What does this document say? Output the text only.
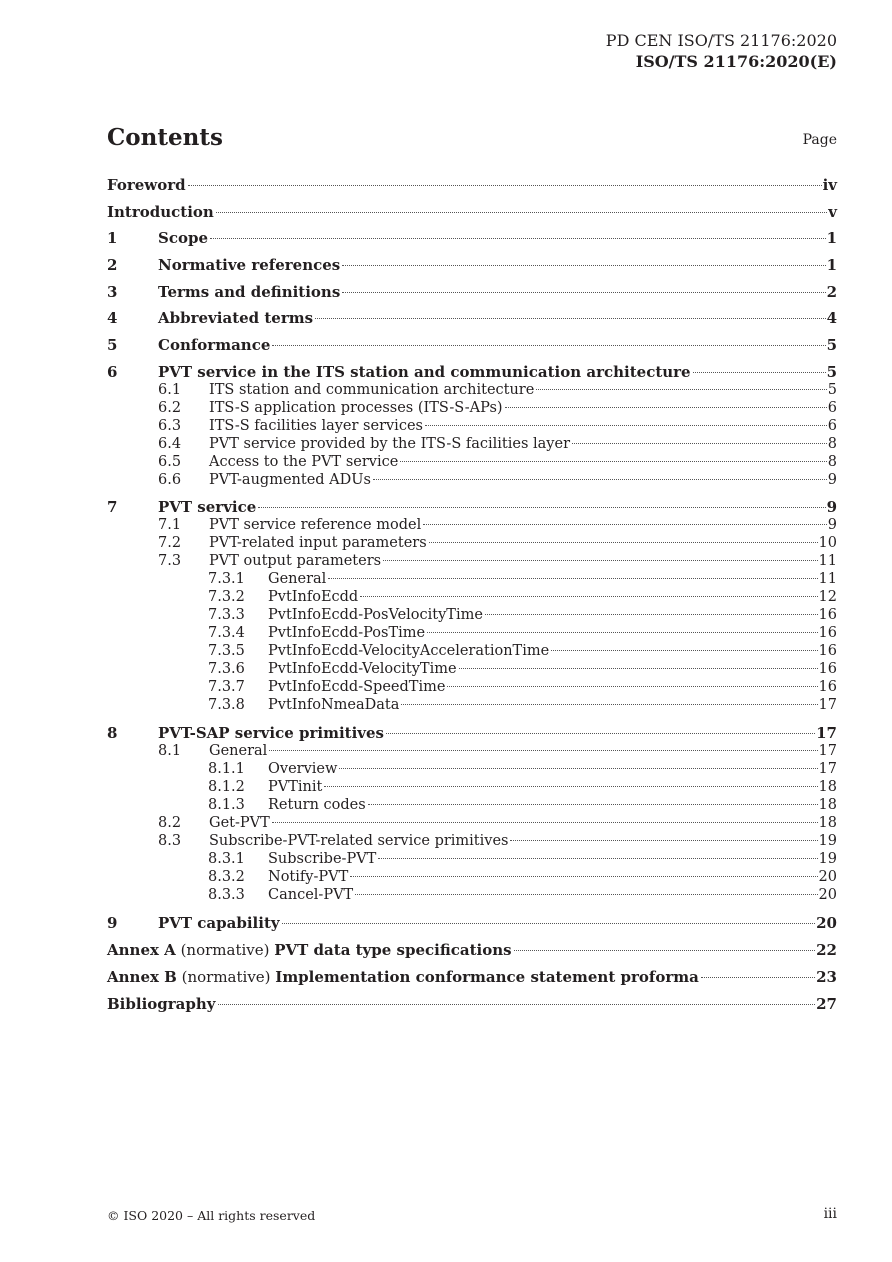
PD CEN ISO/TS 21176:2020
ISO/TS 21176:2020(E)
Contents	Page
Foreword	iv
Introduction	v
1	Scope	1
2	Normative references	1
3	Terms and definitions	2
4	Abbreviated terms	4
5	Conformance	5
6	PVT service in the ITS station and communication architecture	5
6.1	ITS station and communication architecture	5
6.2	ITS-S application processes (ITS-S-APs)	6
6.3	ITS-S facilities layer services	6
6.4	PVT service provided by the ITS-S facilities layer	8
6.5	Access to the PVT service	8
6.6	PVT-augmented ADUs	9
7	PVT service	9
7.1	PVT service reference model	9
7.2	PVT-related input parameters	10
7.3	PVT output parameters	11
7.3.1	General	11
7.3.2	PvtInfoEcdd	12
7.3.3	PvtInfoEcdd-PosVelocityTime	16
7.3.4	PvtInfoEcdd-PosTime	16
7.3.5	PvtInfoEcdd-VelocityAccelerationTime	16
7.3.6	PvtInfoEcdd-VelocityTime	16
7.3.7	PvtInfoEcdd-SpeedTime	16
7.3.8	PvtInfoNmeaData	17
8	PVT-SAP service primitives	17
8.1	General	17
8.1.1	Overview	17
8.1.2	PVTinit	18
8.1.3	Return codes	18
8.2	Get-PVT	18
8.3	Subscribe-PVT-related service primitives	19
8.3.1	Subscribe-PVT	19
8.3.2	Notify-PVT	20
8.3.3	Cancel-PVT	20
9	PVT capability	20
Annex A (normative) PVT data type specifications	22
Annex B (normative) Implementation conformance statement proforma	23
Bibliography	27
© ISO 2020 – All rights reserved	iii
